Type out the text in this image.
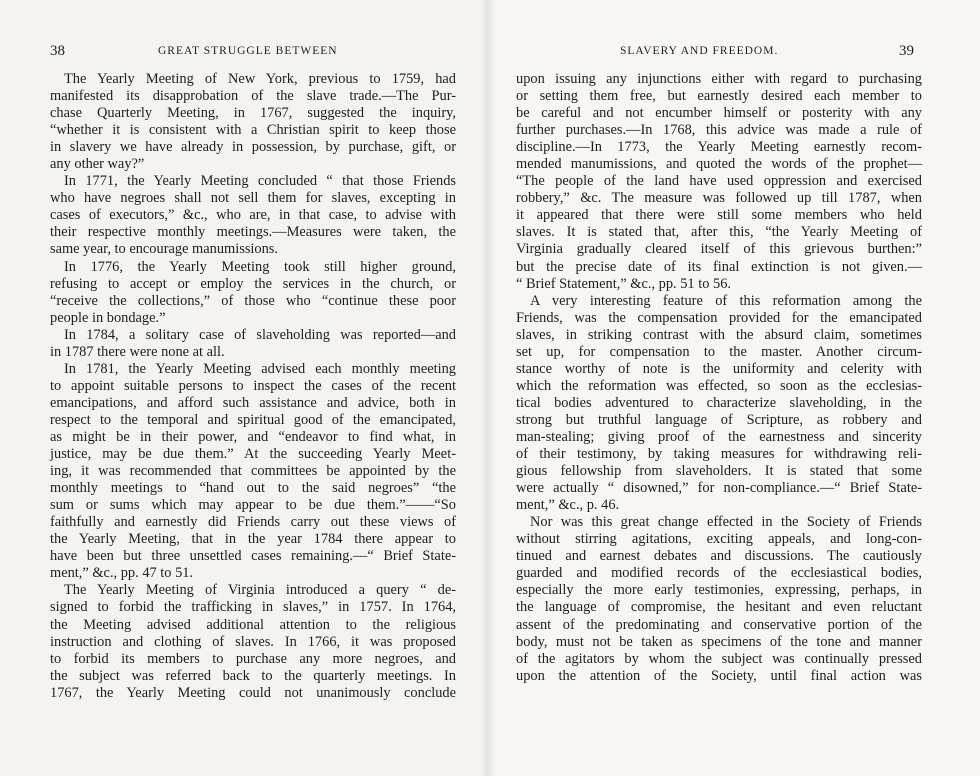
38	GREAT STRUGGLE BETWEEN	SLAVERY AND FREEDOM.	39
The Yearly Meeting of New York, previous to 1759, had
manifested its disapprobation of the slave trade.—The Pur-
chase Quarterly Meeting, in 1767, suggested the inquiry,
“whether it is consistent with a Christian spirit to keep those
in slavery we have already in possession, by purchase, gift, or
any other way?”
In 1771, the Yearly Meeting concluded “ that those Friends
who have negroes shall not sell them for slaves, excepting in
cases of executors,” &c., who are, in that case, to advise with
their respective monthly meetings.—Measures were taken, the
same year, to encourage manumissions.
In 1776, the Yearly Meeting took still higher ground,
refusing to accept or employ the services in the church, or
“receive the collections,” of those who “continue these poor
people in bondage.”
In 1784, a solitary case of slaveholding was reported—and
in 1787 there were none at all.
In 1781, the Yearly Meeting advised each monthly meeting
to appoint suitable persons to inspect the cases of the recent
emancipations, and afford such assistance and advice, both in
respect to the temporal and spiritual good of the emancipated,
as might be in their power, and “endeavor to find what, in
justice, may be due them.” At the succeeding Yearly Meet-
ing, it was recommended that committees be appointed by the
monthly meetings to “hand out to the said negroes” “the
sum or sums which may appear to be due them.”——“So
faithfully and earnestly did Friends carry out these views of
the Yearly Meeting, that in the year 1784 there appear to
have been but three unsettled cases remaining.—“ Brief State-
ment,” &c., pp. 47 to 51.
The Yearly Meeting of Virginia introduced a query “ de-
signed to forbid the trafficking in slaves,” in 1757. In 1764,
the Meeting advised additional attention to the religious
instruction and clothing of slaves. In 1766, it was proposed
to forbid its members to purchase any more negroes, and
the subject was referred back to the quarterly meetings. In
1767, the Yearly Meeting could not unanimously conclude
upon issuing any injunctions either with regard to purchasing
or setting them free, but earnestly desired each member to
be careful and not encumber himself or posterity with any
further purchases.—In 1768, this advice was made a rule of
discipline.—In 1773, the Yearly Meeting earnestly recom-
mended manumissions, and quoted the words of the prophet—
“The people of the land have used oppression and exercised
robbery,” &c. The measure was followed up till 1787, when
it appeared that there were still some members who held
slaves. It is stated that, after this, “the Yearly Meeting of
Virginia gradually cleared itself of this grievous burthen:”
but the precise date of its final extinction is not given.—
“ Brief Statement,” &c., pp. 51 to 56.
A very interesting feature of this reformation among the
Friends, was the compensation provided for the emancipated
slaves, in striking contrast with the absurd claim, sometimes
set up, for compensation to the master. Another circum-
stance worthy of note is the uniformity and celerity with
which the reformation was effected, so soon as the ecclesias-
tical bodies adventured to characterize slaveholding, in the
strong but truthful language of Scripture, as robbery and
man-stealing; giving proof of the earnestness and sincerity
of their testimony, by taking measures for withdrawing reli-
gious fellowship from slaveholders. It is stated that some
were actually “ disowned,” for non-compliance.—“ Brief State-
ment,” &c., p. 46.
Nor was this great change effected in the Society of Friends
without stirring agitations, exciting appeals, and long-con-
tinued and earnest debates and discussions. The cautiously
guarded and modified records of the ecclesiastical bodies,
especially the more early testimonies, expressing, perhaps, in
the language of compromise, the hesitant and even reluctant
assent of the predominating and conservative portion of the
body, must not be taken as specimens of the tone and manner
of the agitators by whom the subject was continually pressed
upon the attention of the Society, until final action was
